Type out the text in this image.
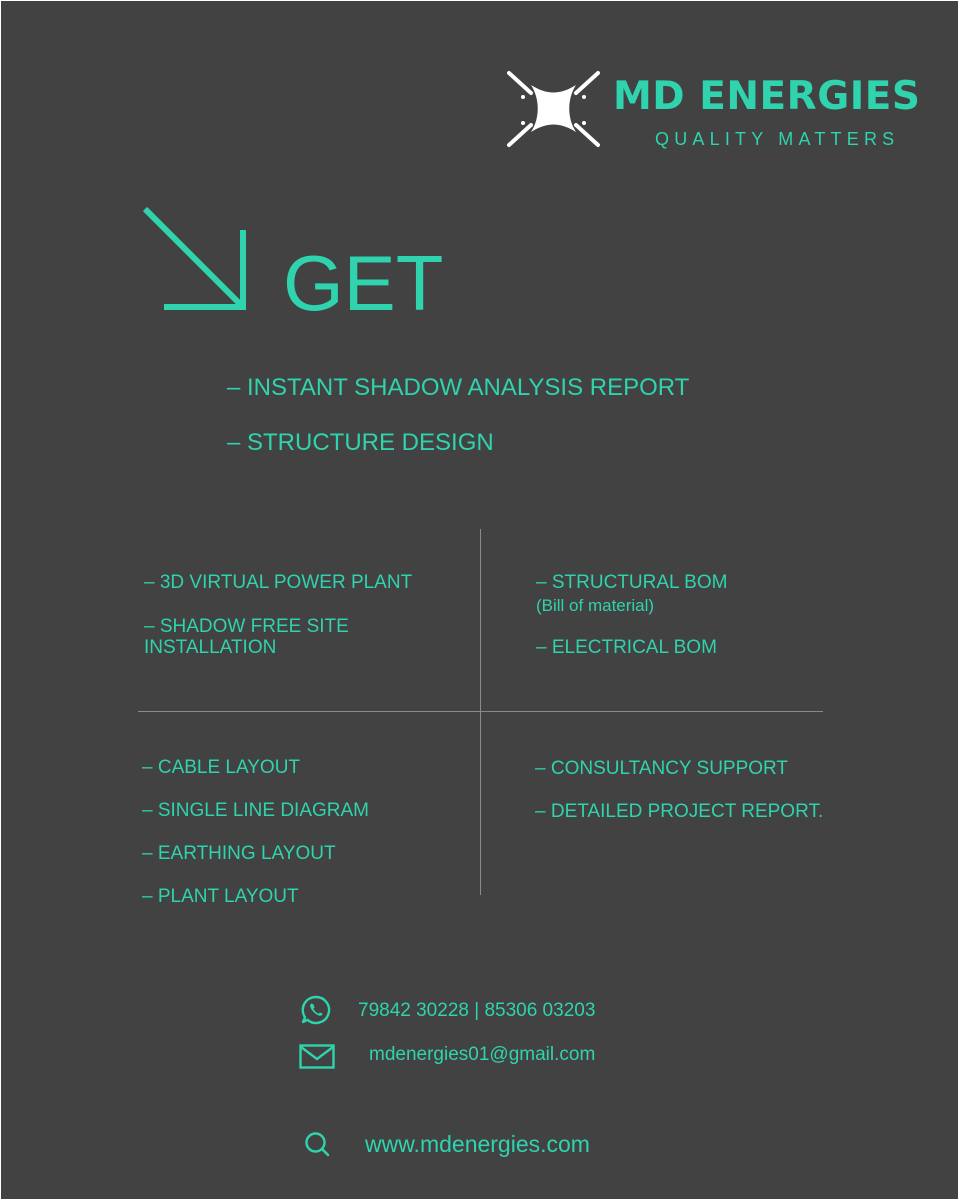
MD ENERGIES
QUALITY MATTERS
GET
– INSTANT SHADOW ANALYSIS REPORT
– STRUCTURE DESIGN
– 3D VIRTUAL POWER PLANT
– SHADOW FREE SITE
INSTALLATION
– STRUCTURAL BOM
(Bill of material)
– ELECTRICAL BOM
– CABLE LAYOUT
– SINGLE LINE DIAGRAM
– EARTHING LAYOUT
– PLANT LAYOUT
– CONSULTANCY SUPPORT
– DETAILED PROJECT REPORT.
79842 30228 | 85306 03203
mdenergies01@gmail.com
www.mdenergies.com
